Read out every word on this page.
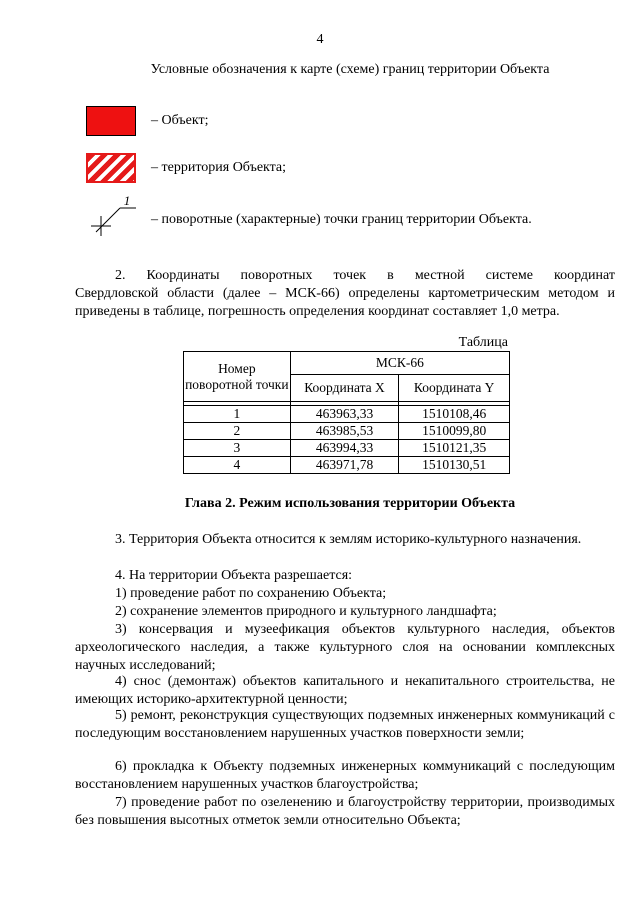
4
Условные обозначения к карте (схеме) границ территории Объекта
– Объект;
– территория Объекта;
1
– поворотные (характерные) точки границ территории Объекта.
2. Координаты поворотных точек в местной системе координат
Свердловской области (далее – МСК-66) определены картометрическим методом и приведены в таблице, погрешность определения координат составляет 1,0 метра.
Таблица
Номер поворотной точки	МСК-66	
	Координата X	Координата Y

1	463963,33	1510108,46
2	463985,53	1510099,80
3	463994,33	1510121,35
4	463971,78	1510130,51
Глава 2. Режим использования территории Объекта
3. Территория Объекта относится к землям историко-культурного назначения.
4. На территории Объекта разрешается:
1) проведение работ по сохранению Объекта;
2) сохранение элементов природного и культурного ландшафта;
3) консервация и музеефикация объектов культурного наследия, объектов археологического наследия, а также культурного слоя на основании комплексных научных исследований;
4) снос (демонтаж) объектов капитального и некапитального строительства, не имеющих историко-архитектурной ценности;
5) ремонт, реконструкция существующих подземных инженерных коммуникаций с последующим восстановлением нарушенных участков поверхности земли;
6) прокладка к Объекту подземных инженерных коммуникаций с последующим восстановлением нарушенных участков благоустройства;
7) проведение работ по озеленению и благоустройству территории, производимых без повышения высотных отметок земли относительно Объекта;
